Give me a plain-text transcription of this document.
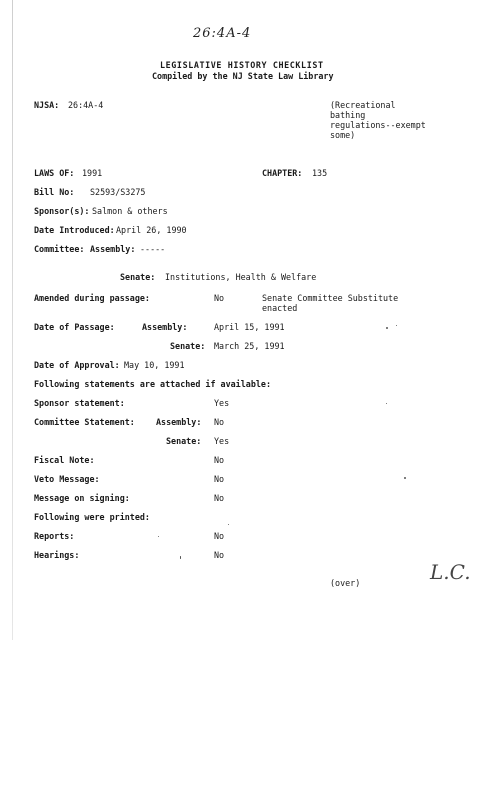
26:4A-4
L.C.
LEGISLATIVE HISTORY CHECKLIST
Compiled by the NJ State Law Library
NJSA: 26:4A-4	(Recreational
bathing
regulations--exempt
some)
LAWS OF: 1991	CHAPTER: 135
Bill No: S2593/S3275
Sponsor(s): Salmon & others
Date Introduced: April 26, 1990
Committee: Assembly: -----
Senate: Institutions, Health & Welfare
Amended during passage:	No	Senate Committee Substitute
enacted
Date of Passage:	Assembly:	April 15, 1991
Senate: March 25, 1991
Date of Approval: May 10, 1991
Following statements are attached if available:
Sponsor statement:	Yes
Committee Statement:	Assembly: No
Senate: Yes
Fiscal Note:	No
Veto Message:	No
Message on signing:	No
Following were printed:
Reports:	No
Hearings:	No
(over)
